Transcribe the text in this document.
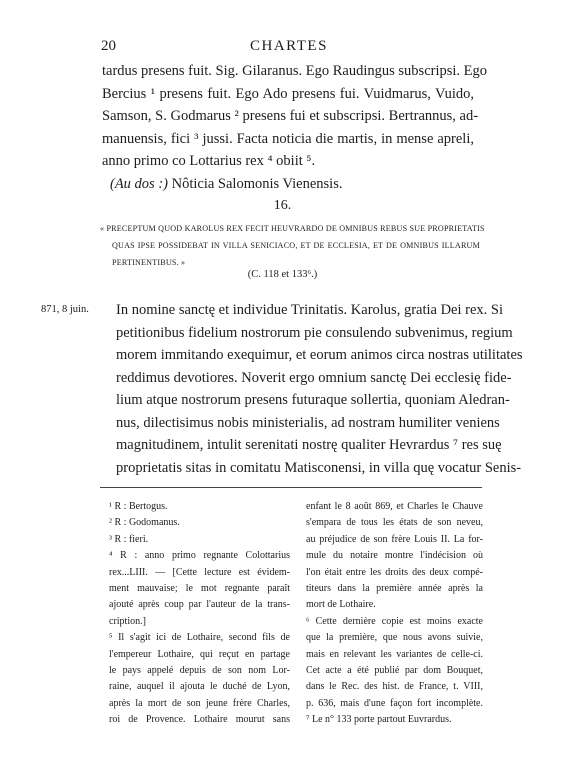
20	CHARTES
tardus presens fuit. Sig. Gilaranus. Ego Raudingus subscripsi. Ego
Bercius ¹ presens fuit. Ego Ado presens fui. Vuidmarus, Vuido,
Samson, S. Godmarus ² presens fui et subscripsi. Bertrannus, ad-
manuensis, fici ³ jussi. Facta noticia die martis, in mense apreli,
anno primo co Lottarius rex ⁴ obiit ⁵.
(Au dos :) Nôticia Salomonis Vienensis.
16.
« PRECEPTUM QUOD KAROLUS REX FECIT HEUVRARDO DE OMNIBUS REBUS SUE PROPRIETATIS
QUAS IPSE POSSIDEBAT IN VILLA SENICIACO, ET DE ECCLESIA, ET DE OMNIBUS ILLARUM
PERTINENTIBUS. »
(C. 118 et 133⁶.)
871, 8 juin. In nomine sanctę et individue Trinitatis. Karolus, gratia Dei rex. Si
petitionibus fidelium nostrorum pie consulendo subvenimus, regium
morem immitando exequimur, et eorum animos circa nostras utilitates
reddimus devotiores. Noverit ergo omnium sanctę Dei ecclesię fide-
lium atque nostrorum presens futuraque sollertia, quoniam Aledran-
nus, dilectisimus nobis ministerialis, ad nostram humiliter veniens
magnitudinem, intulit serenitati nostrę qualiter Hevrardus ⁷ res suę
proprietatis sitas in comitatu Matisconensi, in villa quę vocatur Senis-
¹ R : Bertogus.
² R : Godomanus.
³ R : fieri.
⁴ R : anno primo regnante Colottarius
rex...LIII. — [Cette lecture est évidem-
ment mauvaise; le mot regnante paraît
ajouté après coup par l'auteur de la trans-
cription.]
⁵ Il s'agit ici de Lothaire, second fils de
l'empereur Lothaire, qui reçut en partage
le pays appelé depuis de son nom Lor-
raine, auquel il ajouta le duché de Lyon,
après la mort de son jeune frère Charles,
roi de Provence. Lothaire mourut sans
enfant le 8 août 869, et Charles le Chauve
s'empara de tous les états de son neveu,
au préjudice de son frère Louis II. La for-
mule du notaire montre l'indécision où
l'on était entre les droits des deux compé-
titeurs dans la première année après la
mort de Lothaire.
⁶ Cette dernière copie est moins exacte
que la première, que nous avons suivie,
mais en relevant les variantes de celle-ci.
Cet acte a été publié par dom Bouquet,
dans le Rec. des hist. de France, t. VIII,
p. 636, mais d'une façon fort incomplète.
⁷ Le n° 133 porte partout Euvrardus.
